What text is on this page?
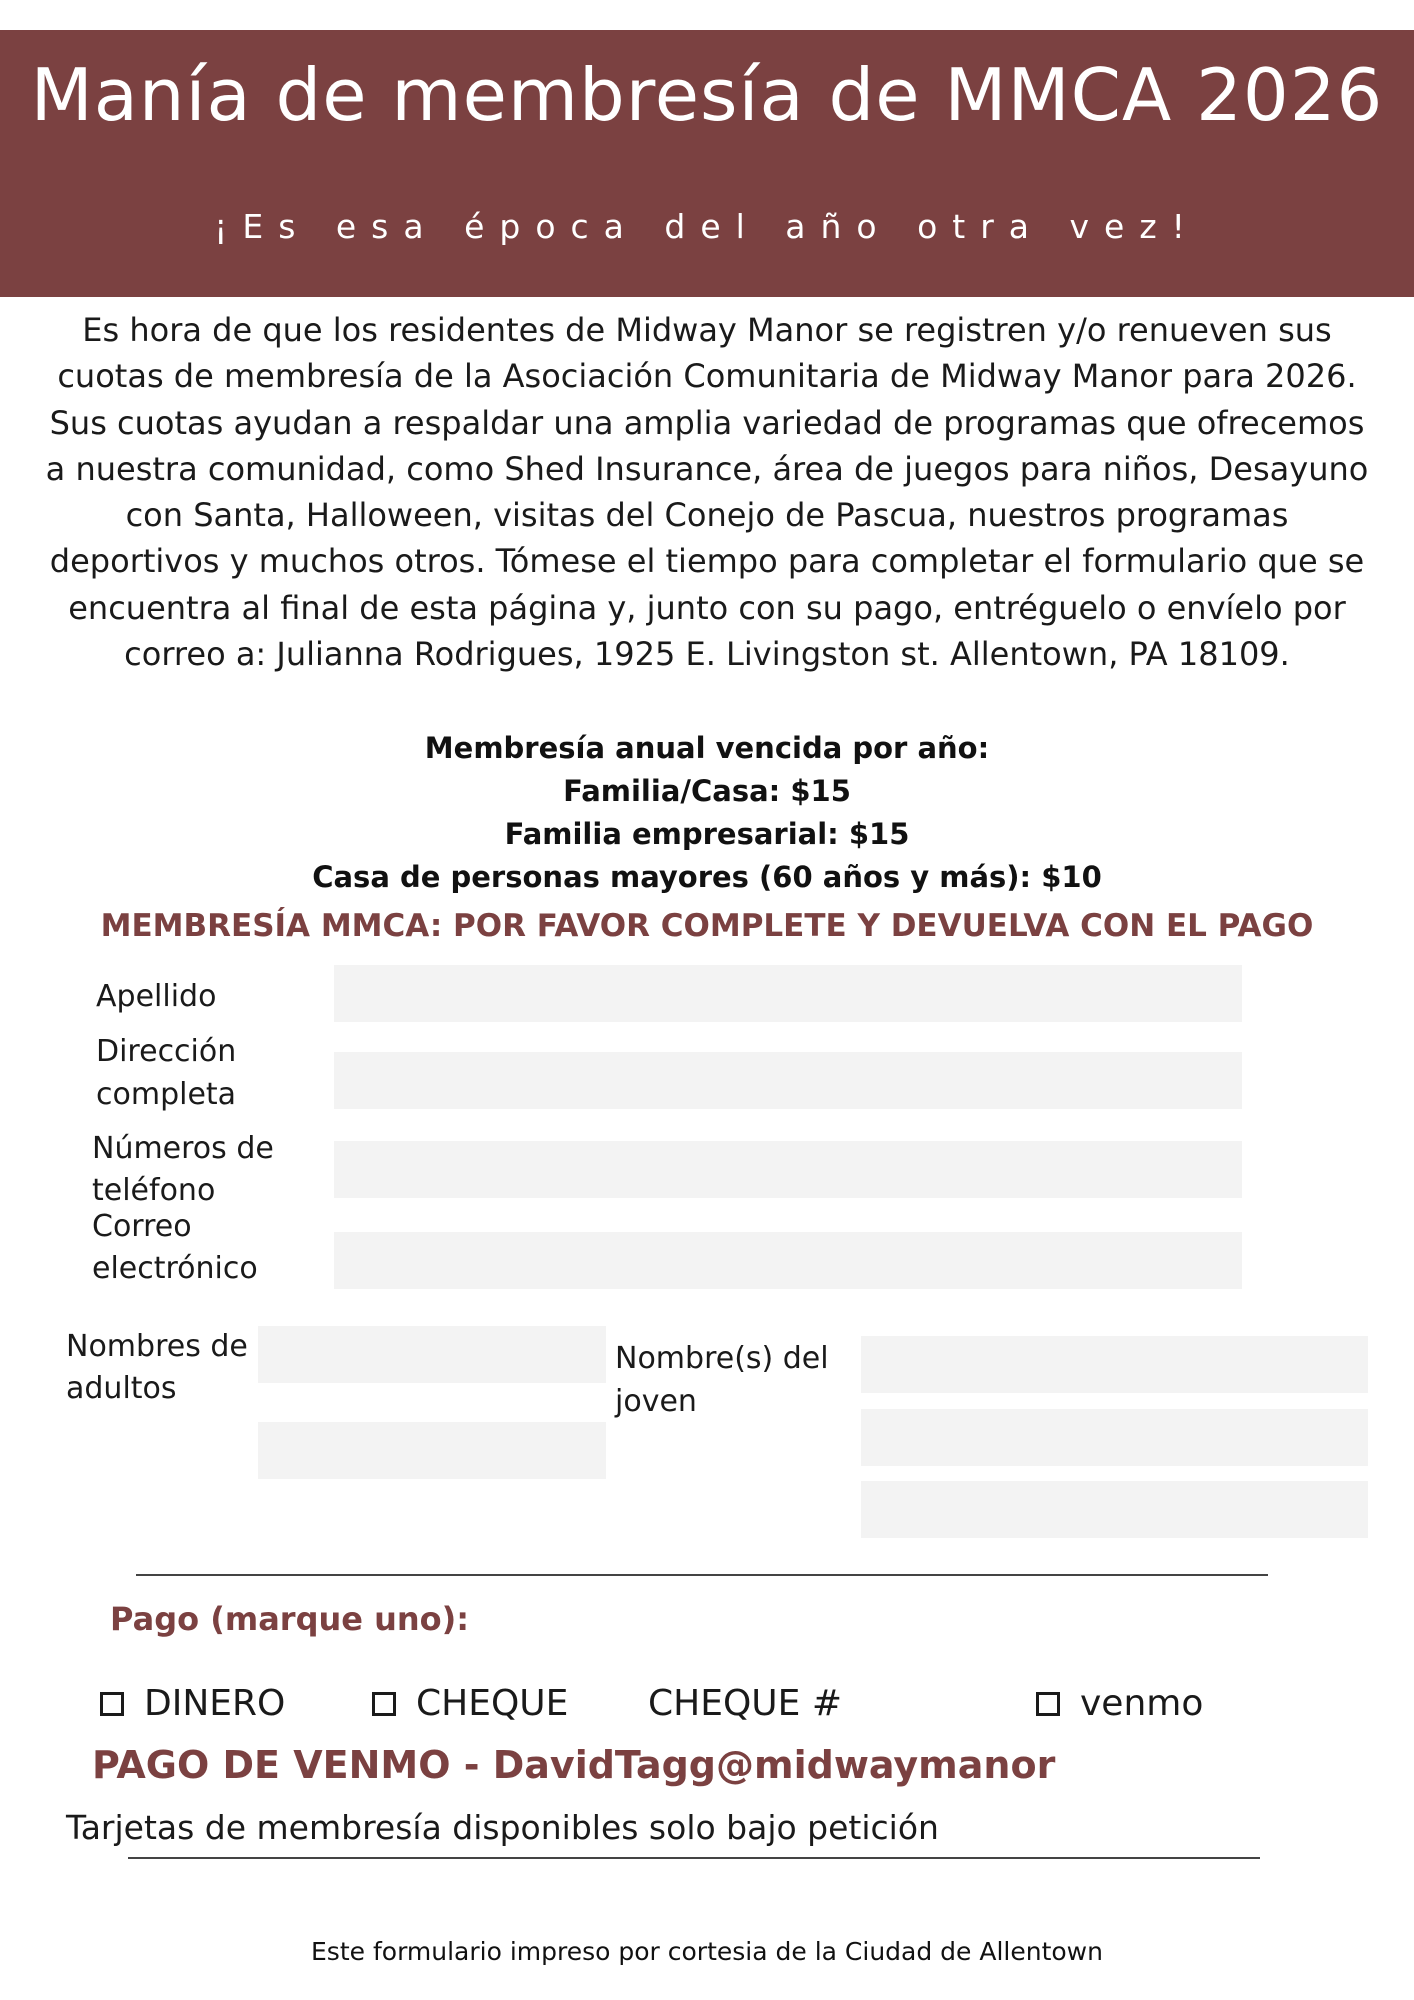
Manía de membresía de MMCA 2026
¡Es esa época del año otra vez!
Es hora de que los residentes de Midway Manor se registren y/o renueven sus cuotas de membresía de la Asociación Comunitaria de Midway Manor para 2026. Sus cuotas ayudan a respaldar una amplia variedad de programas que ofrecemos a nuestra comunidad, como Shed Insurance, área de juegos para niños, Desayuno con Santa, Halloween, visitas del Conejo de Pascua, nuestros programas deportivos y muchos otros. Tómese el tiempo para completar el formulario que se encuentra al final de esta página y, junto con su pago, entréguelo o envíelo por correo a: Julianna Rodrigues, 1925 E. Livingston st. Allentown, PA 18109.
Membresía anual vencida por año:
Familia/Casa: $15
Familia empresarial: $15
Casa de personas mayores (60 años y más): $10
MEMBRESÍA MMCA: POR FAVOR COMPLETE Y DEVUELVA CON EL PAGO
Apellido
Dirección
completa
Números de
teléfono
Correo
electrónico
Nombres de
adultos
Nombre(s) del
joven
Pago (marque uno):
DINERO	CHEQUE CHEQUE #	venmo
PAGO DE VENMO - DavidTagg@midwaymanor
Tarjetas de membresía disponibles solo bajo petición
Este formulario impreso por cortesia de la Ciudad de Allentown
